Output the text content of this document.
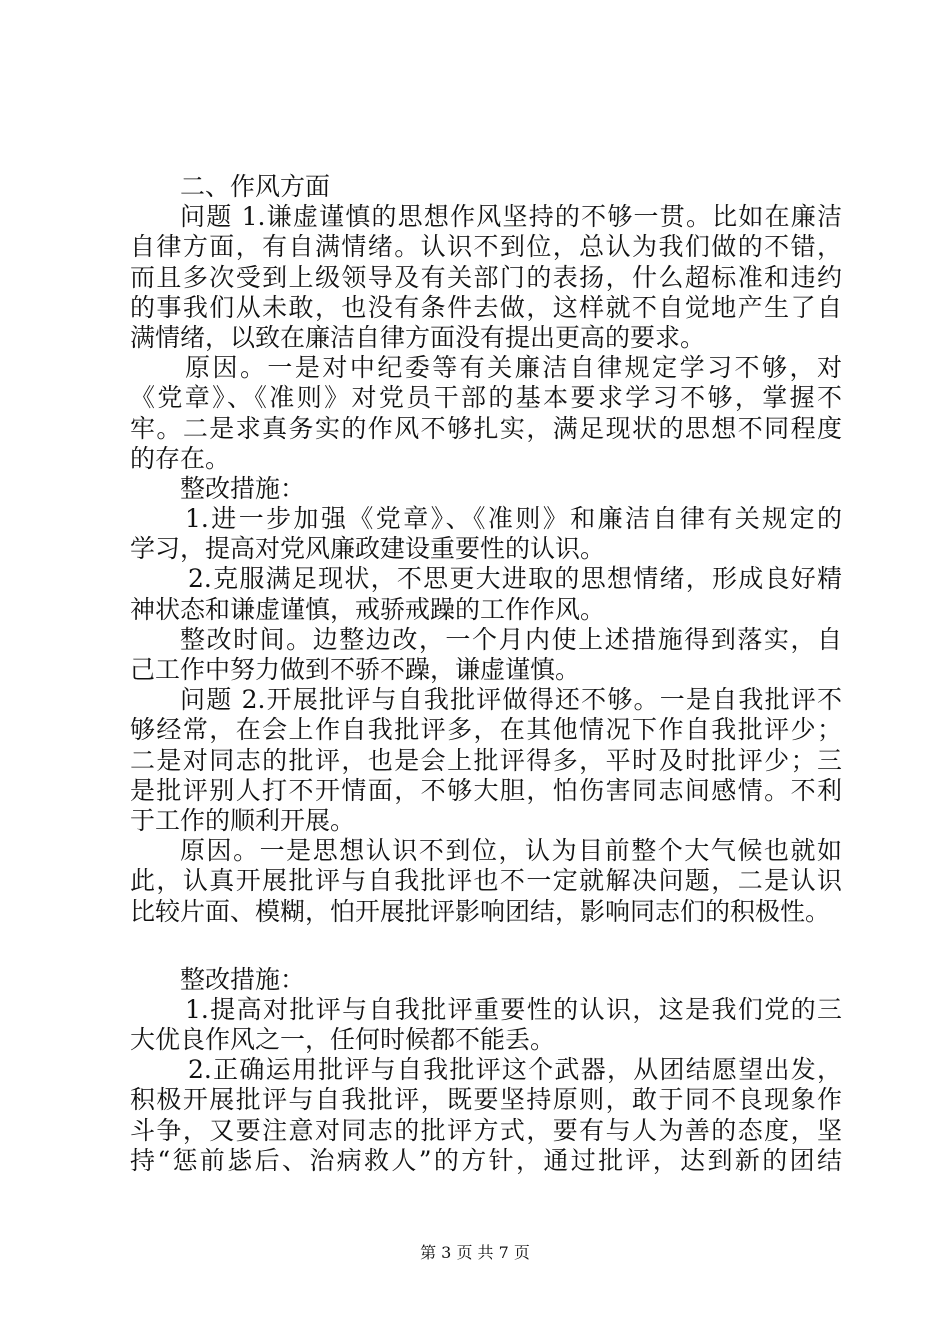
二、作风方面
问题 1.谦虚谨慎的思想作风坚持的不够一贯。比如在廉洁
自律方面，有自满情绪。认识不到位，总认为我们做的不错，
而且多次受到上级领导及有关部门的表扬，什么超标准和违约
的事我们从未敢，也没有条件去做，这样就不自觉地产生了自
满情绪，以致在廉洁自律方面没有提出更高的要求。
原因。一是对中纪委等有关廉洁自律规定学习不够，对
《党章》、《准则》对党员干部的基本要求学习不够，掌握不
牢。二是求真务实的作风不够扎实，满足现状的思想不同程度
的存在。
整改措施：
1.进一步加强《党章》、《准则》和廉洁自律有关规定的
学习，提高对党风廉政建设重要性的认识。
2.克服满足现状，不思更大进取的思想情绪，形成良好精
神状态和谦虚谨慎，戒骄戒躁的工作作风。
整改时间。边整边改，一个月内使上述措施得到落实，自
己工作中努力做到不骄不躁，谦虚谨慎。
问题 2.开展批评与自我批评做得还不够。一是自我批评不
够经常，在会上作自我批评多，在其他情况下作自我批评少；
二是对同志的批评，也是会上批评得多，平时及时批评少；三
是批评别人打不开情面，不够大胆，怕伤害同志间感情。不利
于工作的顺利开展。
原因。一是思想认识不到位，认为目前整个大气候也就如
此，认真开展批评与自我批评也不一定就解决问题，二是认识
比较片面、模糊，怕开展批评影响团结，影响同志们的积极性。
整改措施：
1.提高对批评与自我批评重要性的认识，这是我们党的三
大优良作风之一，任何时候都不能丢。
2.正确运用批评与自我批评这个武器，从团结愿望出发，
积极开展批评与自我批评，既要坚持原则，敢于同不良现象作
斗争，又要注意对同志的批评方式，要有与人为善的态度，坚
持“惩前毖后、治病救人”的方针，通过批评，达到新的团结
第 3 页 共 7 页
